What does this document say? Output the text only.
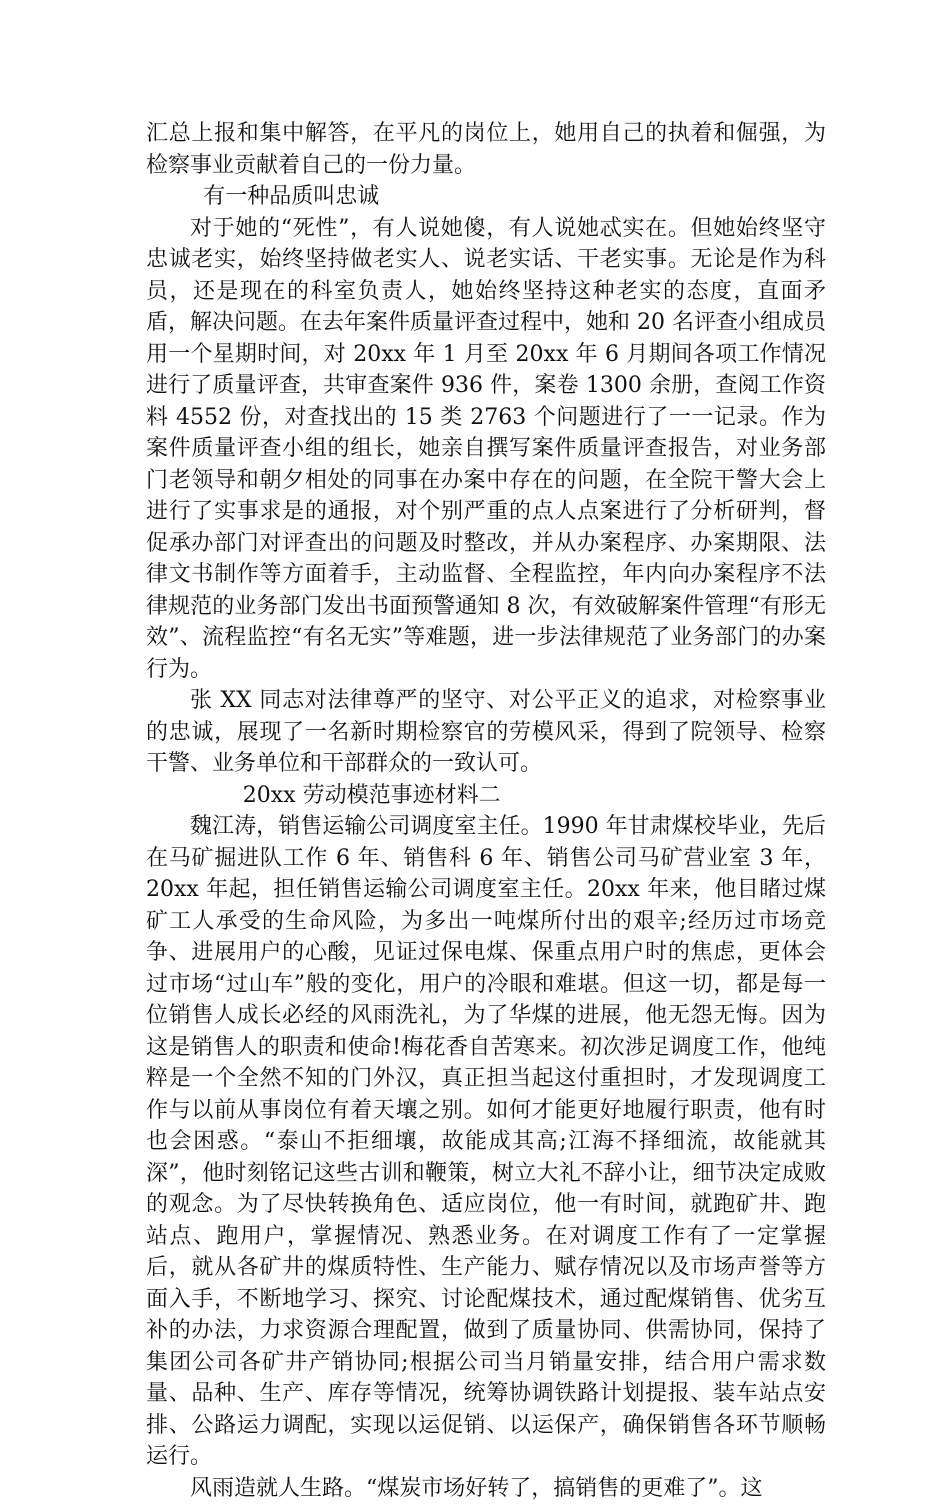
汇总上报和集中解答，在平凡的岗位上，她用自己的执着和倔强，为检察事业贡献着自己的一份力量。

有一种品质叫忠诚

对于她的“死性”，有人说她傻，有人说她忒实在。但她始终坚守忠诚老实，始终坚持做老实人、说老实话、干老实事。无论是作为科员，还是现在的科室负责人，她始终坚持这种老实的态度，直面矛盾，解决问题。在去年案件质量评查过程中，她和 20 名评查小组成员用一个星期时间，对 20xx 年 1 月至 20xx 年 6 月期间各项工作情况进行了质量评查，共审查案件 936 件，案卷 1300 余册，查阅工作资料 4552 份，对查找出的 15 类 2763 个问题进行了一一记录。作为案件质量评查小组的组长，她亲自撰写案件质量评查报告，对业务部门老领导和朝夕相处的同事在办案中存在的问题，在全院干警大会上进行了实事求是的通报，对个别严重的点人点案进行了分析研判，督促承办部门对评查出的问题及时整改，并从办案程序、办案期限、法律文书制作等方面着手，主动监督、全程监控，年内向办案程序不法律规范的业务部门发出书面预警通知 8 次，有效破解案件管理“有形无效”、流程监控“有名无实”等难题，进一步法律规范了业务部门的办案行为。

张 XX 同志对法律尊严的坚守、对公平正义的追求，对检察事业的忠诚，展现了一名新时期检察官的劳模风采，得到了院领导、检察干警、业务单位和干部群众的一致认可。

20xx 劳动模范事迹材料二

魏江涛，销售运输公司调度室主任。1990 年甘肃煤校毕业，先后在马矿掘进队工作 6 年、销售科 6 年、销售公司马矿营业室 3 年，20xx 年起，担任销售运输公司调度室主任。20xx 年来，他目睹过煤矿工人承受的生命风险，为多出一吨煤所付出的艰辛;经历过市场竞争、进展用户的心酸，见证过保电煤、保重点用户时的焦虑，更体会过市场“过山车”般的变化，用户的冷眼和难堪。但这一切，都是每一位销售人成长必经的风雨洗礼，为了华煤的进展，他无怨无悔。因为这是销售人的职责和使命!梅花香自苦寒来。初次涉足调度工作，他纯粹是一个全然不知的门外汉，真正担当起这付重担时，才发现调度工作与以前从事岗位有着天壤之别。如何才能更好地履行职责，他有时也会困惑。“泰山不拒细壤，故能成其高;江海不择细流，故能就其深”，他时刻铭记这些古训和鞭策，树立大礼不辞小让，细节决定成败的观念。为了尽快转换角色、适应岗位，他一有时间，就跑矿井、跑站点、跑用户，掌握情况、熟悉业务。在对调度工作有了一定掌握后，就从各矿井的煤质特性、生产能力、赋存情况以及市场声誉等方面入手，不断地学习、探究、讨论配煤技术，通过配煤销售、优劣互补的办法，力求资源合理配置，做到了质量协同、供需协同，保持了集团公司各矿井产销协同;根据公司当月销量安排，结合用户需求数量、品种、生产、库存等情况，统筹协调铁路计划提报、装车站点安排、公路运力调配，实现以运促销、以运保产，确保销售各环节顺畅运行。

风雨造就人生路。“煤炭市场好转了，搞销售的更难了”。这
